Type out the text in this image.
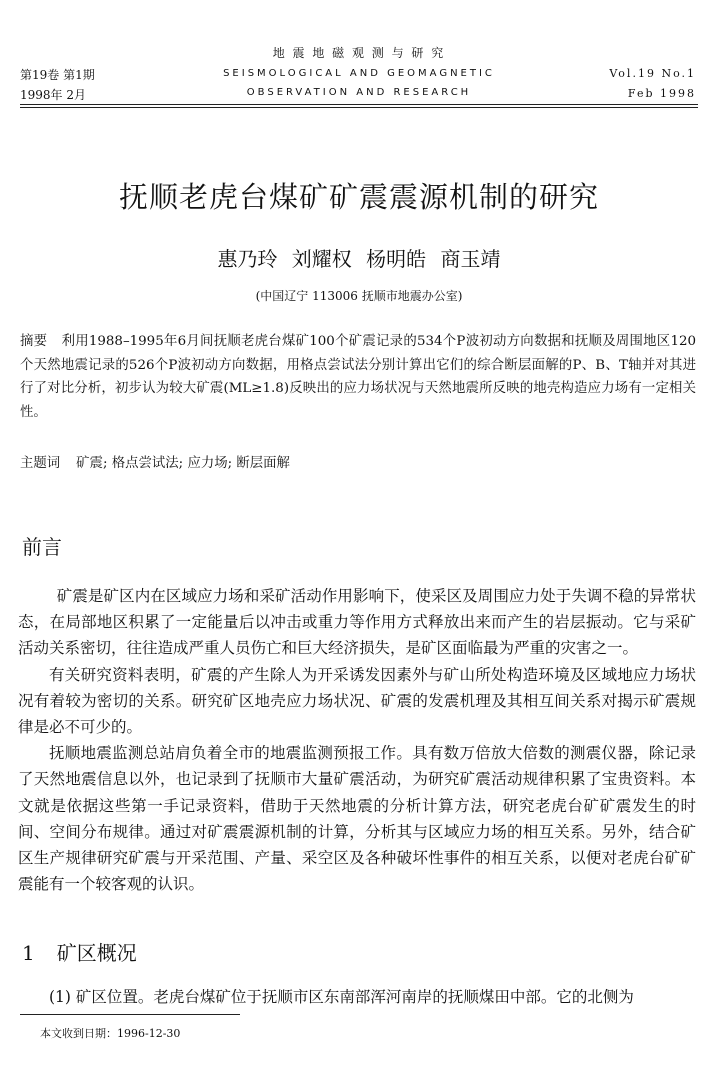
第19卷 第1期
1998年 2月
地 震 地 磁 观 测 与 研 究
SEISMOLOGICAL AND GEOMAGNETIC
OBSERVATION AND RESEARCH
Vol.19 No.1
Feb 1998
抚顺老虎台煤矿矿震震源机制的研究
惠乃玲 刘耀权 杨明皓 商玉靖
(中国辽宁 113006 抚顺市地震办公室)
摘要 利用1988–1995年6月间抚顺老虎台煤矿100个矿震记录的534个P波初动方向数据和抚顺及周围地区120个天然地震记录的526个P波初动方向数据，用格点尝试法分别计算出它们的综合断层面解的P、B、T轴并对其进行了对比分析，初步认为较大矿震(ML≥1.8)反映出的应力场状况与天然地震所反映的地壳构造应力场有一定相关性。
主题词 矿震; 格点尝试法; 应力场; 断层面解
前言

矿震是矿区内在区域应力场和采矿活动作用影响下，使采区及周围应力处于失调不稳的异常状态，在局部地区积累了一定能量后以冲击或重力等作用方式释放出来而产生的岩层振动。它与采矿活动关系密切，往往造成严重人员伤亡和巨大经济损失，是矿区面临最为严重的灾害之一。

有关研究资料表明，矿震的产生除人为开采诱发因素外与矿山所处构造环境及区域地应力场状况有着较为密切的关系。研究矿区地壳应力场状况、矿震的发震机理及其相互间关系对揭示矿震规律是必不可少的。

抚顺地震监测总站肩负着全市的地震监测预报工作。具有数万倍放大倍数的测震仪器，除记录了天然地震信息以外，也记录到了抚顺市大量矿震活动，为研究矿震活动规律积累了宝贵资料。本文就是依据这些第一手记录资料，借助于天然地震的分析计算方法，研究老虎台矿矿震发生的时间、空间分布规律。通过对矿震震源机制的计算，分析其与区域应力场的相互关系。另外，结合矿区生产规律研究矿震与开采范围、产量、采空区及各种破坏性事件的相互关系，以便对老虎台矿矿震能有一个较客观的认识。

1 矿区概况

(1) 矿区位置。老虎台煤矿位于抚顺市区东南部浑河南岸的抚顺煤田中部。它的北侧为

本文收到日期：1996-12-30
